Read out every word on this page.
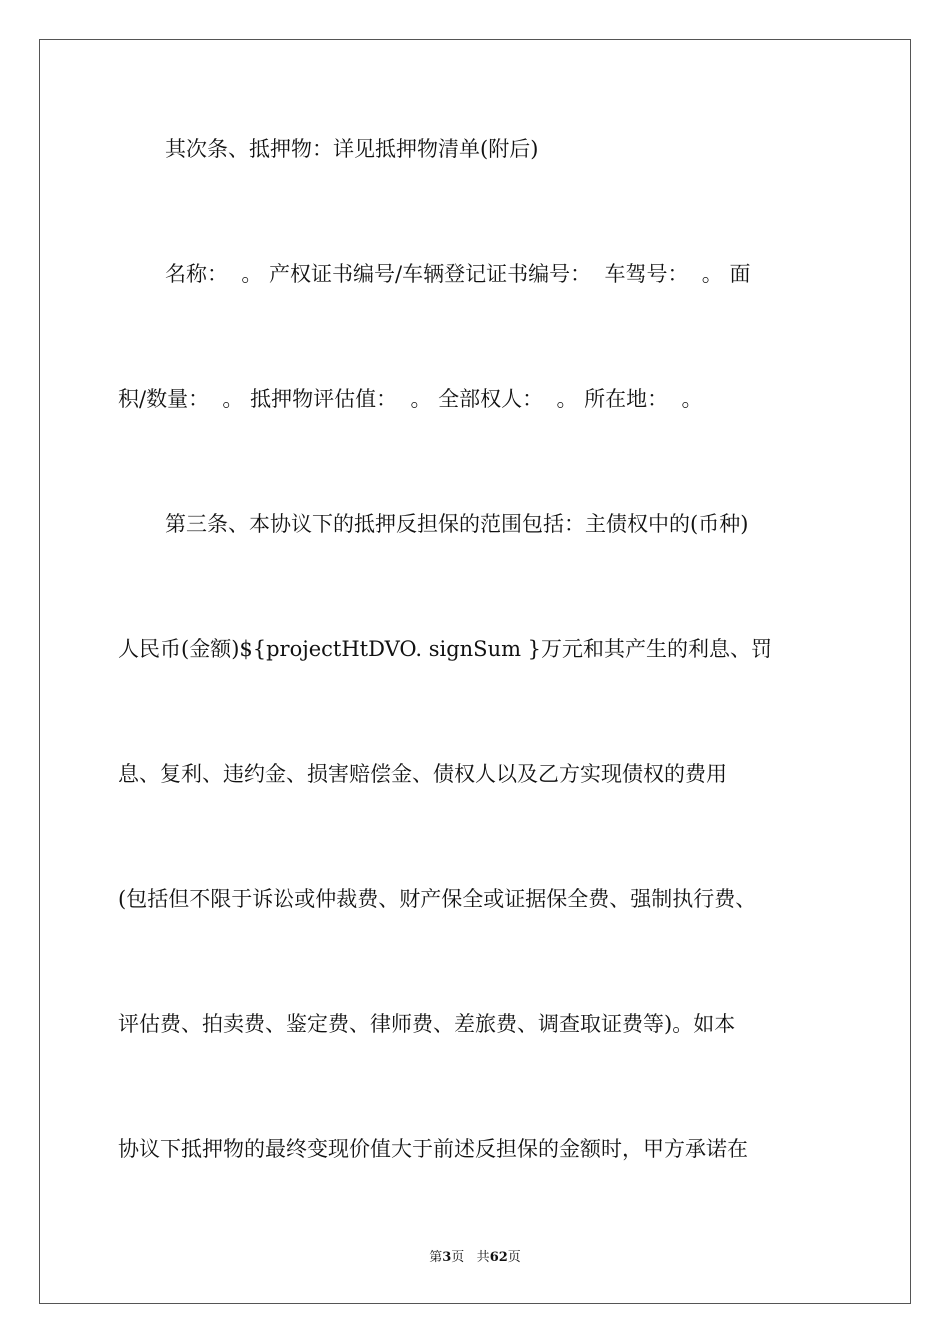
其次条、抵押物：详见抵押物清单(附后)
名称：  。 产权证书编号/车辆登记证书编号：  车驾号：  。 面
积/数量：  。 抵押物评估值：  。 全部权人：  。 所在地：  。
第三条、本协议下的抵押反担保的范围包括：主债权中的(币种)
人民币(金额)${projectHtDVO. signSum }万元和其产生的利息、罚
息、复利、违约金、损害赔偿金、债权人以及乙方实现债权的费用
(包括但不限于诉讼或仲裁费、财产保全或证据保全费、强制执行费、
评估费、拍卖费、鉴定费、律师费、差旅费、调查取证费等)。如本
协议下抵押物的最终变现价值大于前述反担保的金额时，甲方承诺在
第3页 共62页
